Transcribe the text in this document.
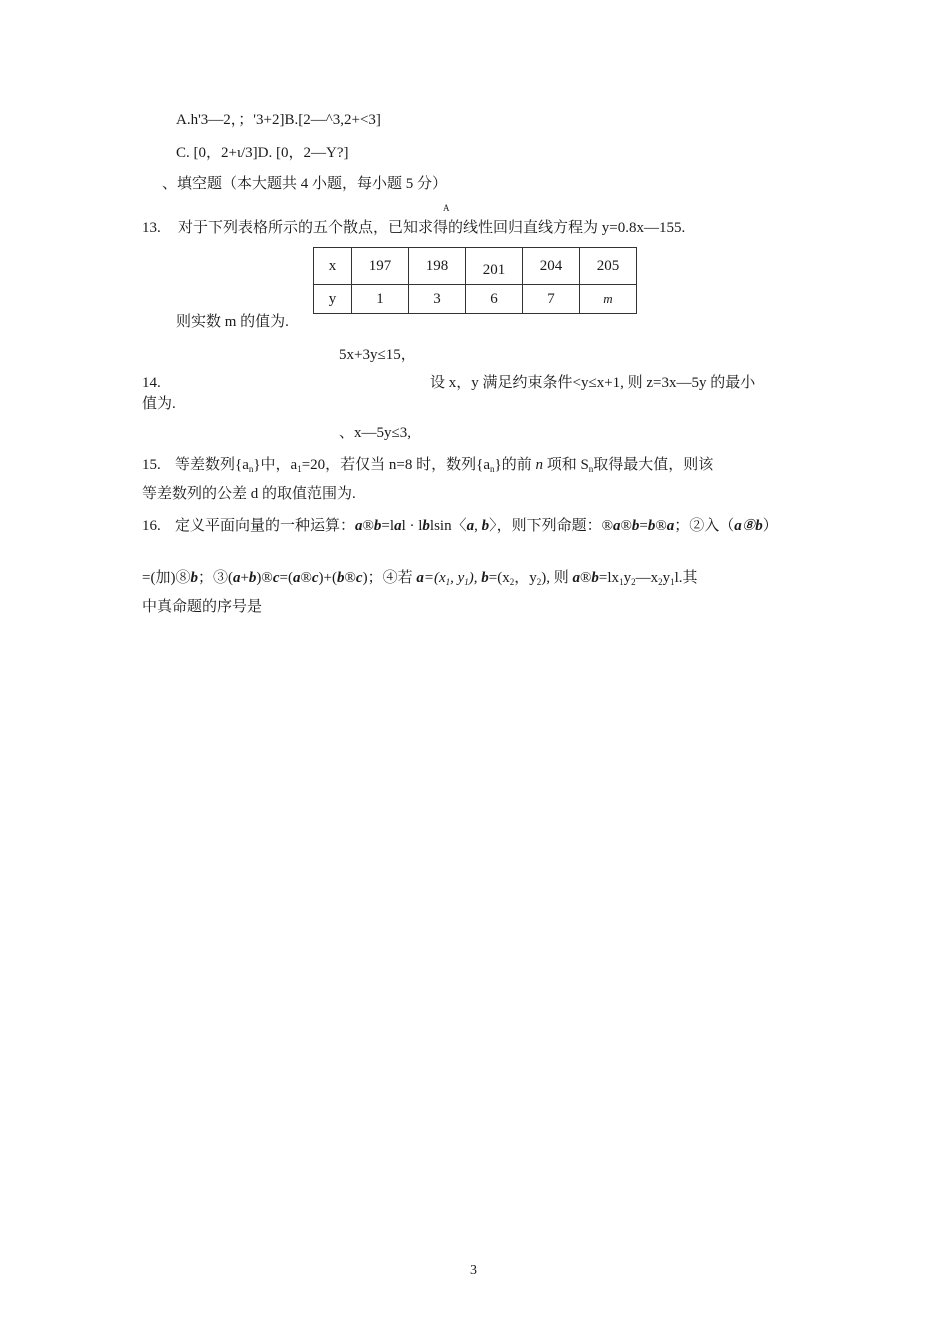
A.h'3—2，；'3+2]B.[2—^3,2+<3]
C. [0，2+ι/3]D. [0，2—Y?]
、填空题（本大题共 4 小题，每小题 5 分）
A
13. 对于下列表格所示的五个散点，已知求得的线性回归直线方程为 y=0.8x—155.
x	197	198	201	204	205
y	1	3	6	7	m
则实数 m 的值为.
5x+3y≤15，
14.	设 x，y 满足约束条件<y≤x+1, 则 z=3x—5y 的最小
值为.
、x—5y≤3,
15. 等差数列$\{a_n\}$中，$a_1=20$，若仅当 n=8 时，数列$\{a_n\}$的前 n 项和 $S_n$取得最大值，则该
等差数列的公差 d 的取值范围为.
16. 定义平面向量的一种运算：a®b=lal · lblsin〈a, b〉，则下列命题：®a®b=b®a；②入（a⑧b）
=(加)⑧b；③(a+b)®c=(a®c)+(b®c)；④若 $a=(x_1$, $y_1$), $b=(x_2$，$y_2$), 则 $a®b=lx_1y_2—x_2y_1l$.其
中真命题的序号是
3
